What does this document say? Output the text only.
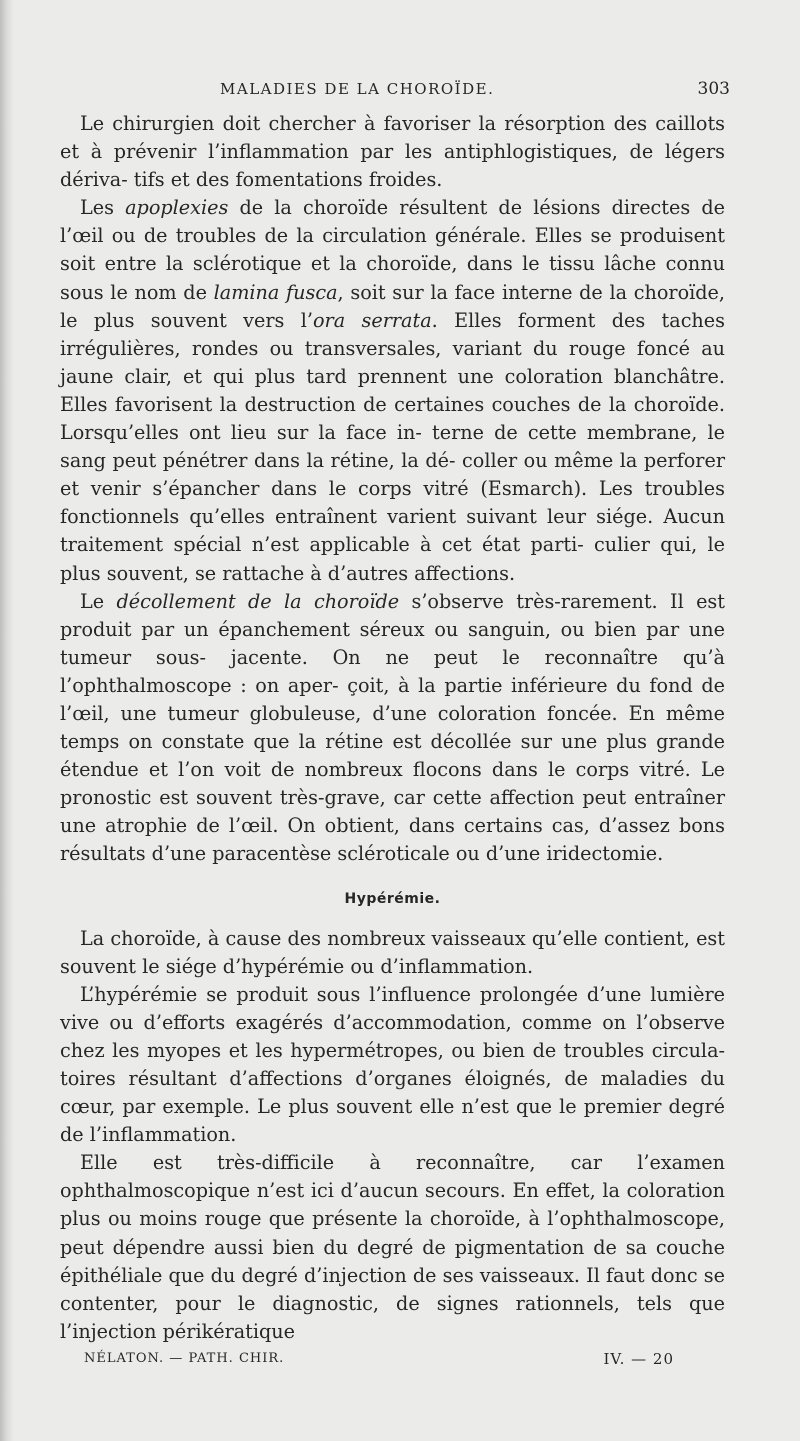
MALADIES DE LA CHOROÏDE.	303

Le chirurgien doit chercher à favoriser la résorption des caillots et à prévenir l’inflammation par les antiphlogistiques, de légers dériva- tifs et des fomentations froides.

Les apoplexies de la choroïde résultent de lésions directes de l’œil ou de troubles de la circulation générale. Elles se produisent soit entre la sclérotique et la choroïde, dans le tissu lâche connu sous le nom de lamina fusca, soit sur la face interne de la choroïde, le plus souvent vers l’ora serrata. Elles forment des taches irrégulières, rondes ou transversales, variant du rouge foncé au jaune clair, et qui plus tard prennent une coloration blanchâtre. Elles favorisent la destruction de certaines couches de la choroïde. Lorsqu’elles ont lieu sur la face in- terne de cette membrane, le sang peut pénétrer dans la rétine, la dé- coller ou même la perforer et venir s’épancher dans le corps vitré (Esmarch). Les troubles fonctionnels qu’elles entraînent varient suivant leur siége. Aucun traitement spécial n’est applicable à cet état parti- culier qui, le plus souvent, se rattache à d’autres affections.

Le décollement de la choroïde s’observe très-rarement. Il est produit par un épanchement séreux ou sanguin, ou bien par une tumeur sous- jacente. On ne peut le reconnaître qu’à l’ophthalmoscope : on aper- çoit, à la partie inférieure du fond de l’œil, une tumeur globuleuse, d’une coloration foncée. En même temps on constate que la rétine est décollée sur une plus grande étendue et l’on voit de nombreux flocons dans le corps vitré. Le pronostic est souvent très-grave, car cette affection peut entraîner une atrophie de l’œil. On obtient, dans certains cas, d’assez bons résultats d’une paracentèse scléroticale ou d’une iridectomie.

Hypérémie.

La choroïde, à cause des nombreux vaisseaux qu’elle contient, est souvent le siége d’hypérémie ou d’inflammation.

L’hypérémie se produit sous l’influence prolongée d’une lumière vive ou d’efforts exagérés d’accommodation, comme on l’observe chez les myopes et les hypermétropes, ou bien de troubles circula- toires résultant d’affections d’organes éloignés, de maladies du cœur, par exemple. Le plus souvent elle n’est que le premier degré de l’inflammation.

Elle est très-difficile à reconnaître, car l’examen ophthalmoscopique n’est ici d’aucun secours. En effet, la coloration plus ou moins rouge que présente la choroïde, à l’ophthalmoscope, peut dépendre aussi bien du degré de pigmentation de sa couche épithéliale que du degré d’injection de ses vaisseaux. Il faut donc se contenter, pour le diagnostic, de signes rationnels, tels que l’injection périkératique

NÉLATON. — PATH. CHIR.	IV. — 20
